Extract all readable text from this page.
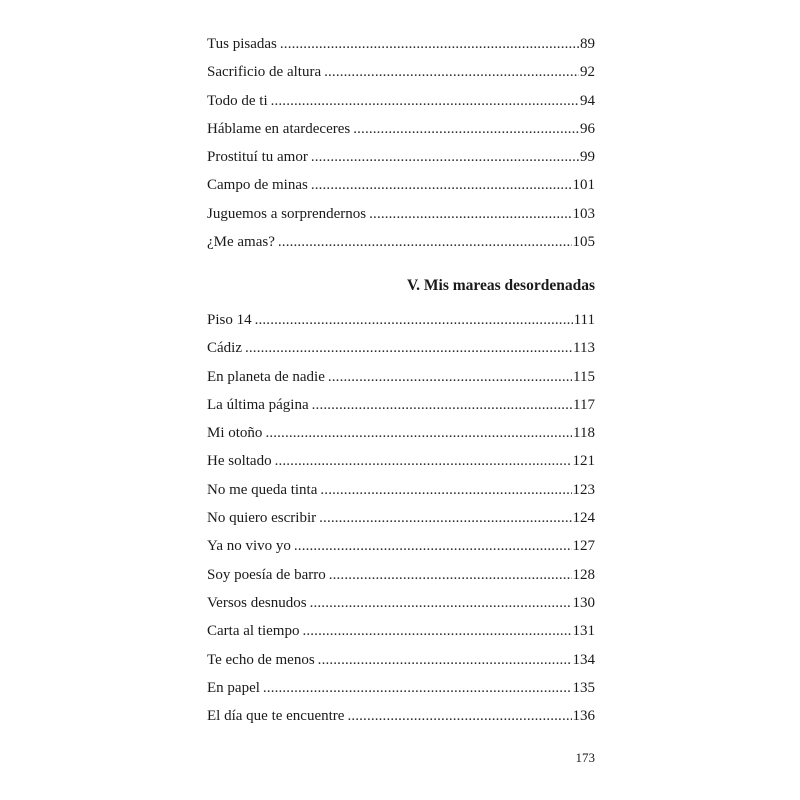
Tus pisadas . . .	89
Sacrificio de altura . . .	92
Todo de ti . . .	94
Háblame en atardeceres . . .	96
Prostituí tu amor . . .	99
Campo de minas . . .	101
Juguemos a sorprendernos . . .	103
¿Me amas? . . .	105
V. Mis mareas desordenadas
Piso 14 . . .	111
Cádiz . . .	113
En planeta de nadie . . .	115
La última página . . .	117
Mi otoño . . .	118
He soltado . . .	121
No me queda tinta . . .	123
No quiero escribir . . .	124
Ya no vivo yo . . .	127
Soy poesía de barro . . .	128
Versos desnudos . . .	130
Carta al tiempo . . .	131
Te echo de menos . . .	134
En papel . . .	135
El día que te encuentre . . .	136
173
